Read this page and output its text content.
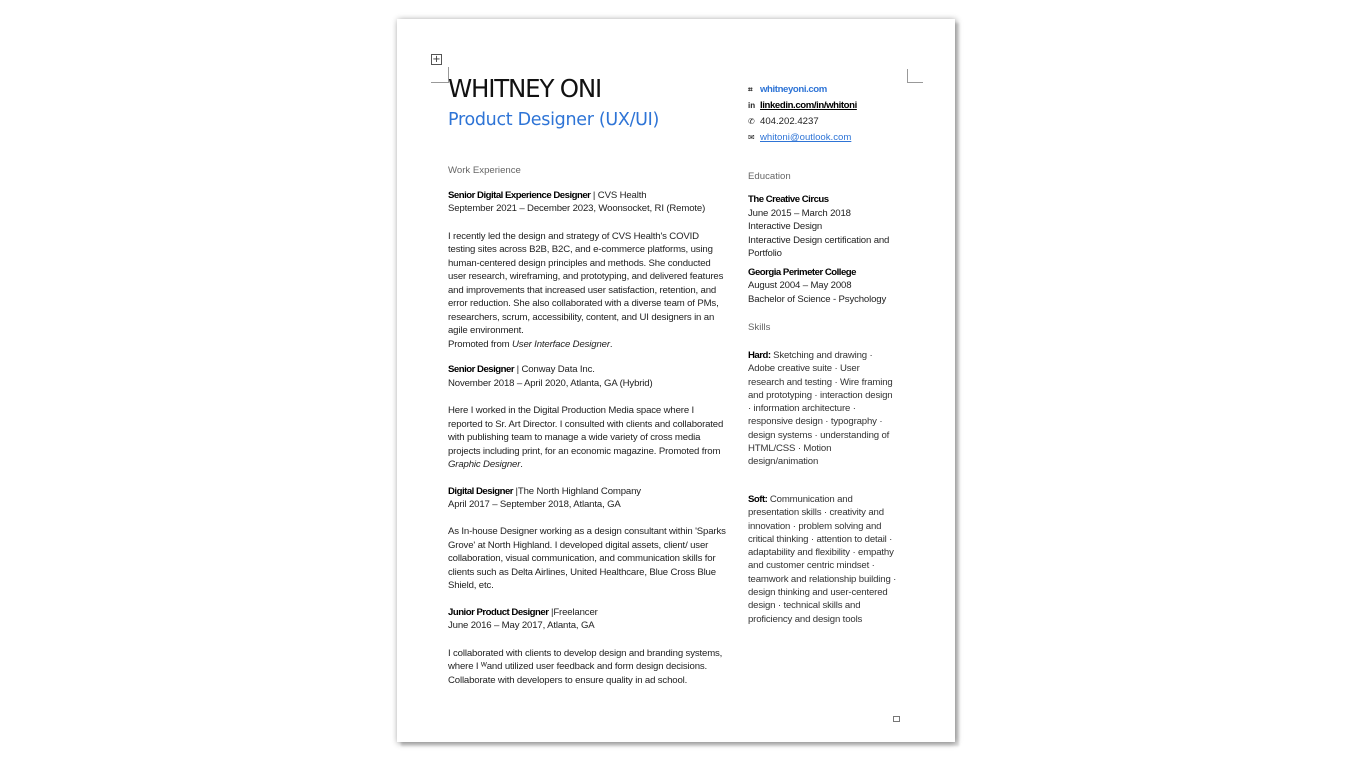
+
WHITNEY ONI
Product Designer (UX/UI)
Work Experience
Senior Digital Experience Designer | CVS Health
September 2021 – December 2023, Woonsocket, RI (Remote)
I recently led the design and strategy of CVS Health's COVID testing sites across B2B, B2C, and e-commerce platforms, using human-centered design principles and methods. She conducted user research, wireframing, and prototyping, and delivered features and improvements that increased user satisfaction, retention, and error reduction. She also collaborated with a diverse team of PMs, researchers, scrum, accessibility, content, and UI designers in an agile environment.
Promoted from User Interface Designer.
Senior Designer | Conway Data Inc.
November 2018 – April 2020, Atlanta, GA (Hybrid)
Here I worked in the Digital Production Media space where I reported to Sr. Art Director. I consulted with clients and collaborated with publishing team to manage a wide variety of cross media projects including print, for an economic magazine. Promoted from Graphic Designer.
Digital Designer |The North Highland Company
April 2017 – September 2018, Atlanta, GA
As In-house Designer working as a design consultant within 'Sparks Grove' at North Highland. I developed digital assets, client/ user collaboration, visual communication, and communication skills for clients such as Delta Airlines, United Healthcare, Blue Cross Blue Shield, etc.
Junior Product Designer |Freelancer
June 2016 – May 2017, Atlanta, GA
I collaborated with clients to develop design and branding systems, where I ᵂand utilized user feedback and form design decisions. Collaborate with developers to ensure quality in ad school.
⌗ whitneyoni.com
in linkedin.com/in/whitoni
✆ 404.202.4237
✉ whitoni@outlook.com
Education
The Creative Circus
June 2015 – March 2018
Interactive Design
Interactive Design certification and Portfolio
Georgia Perimeter College
August 2004 – May 2008
Bachelor of Science - Psychology
Skills
Hard: Sketching and drawing · Adobe creative suite · User research and testing · Wire framing and prototyping · interaction design · information architecture · responsive design · typography · design systems · understanding of HTML/CSS · Motion design/animation
Soft: Communication and presentation skills · creativity and innovation · problem solving and critical thinking · attention to detail · adaptability and flexibility · empathy and customer centric mindset · teamwork and relationship building · design thinking and user-centered design · technical skills and proficiency and design tools
